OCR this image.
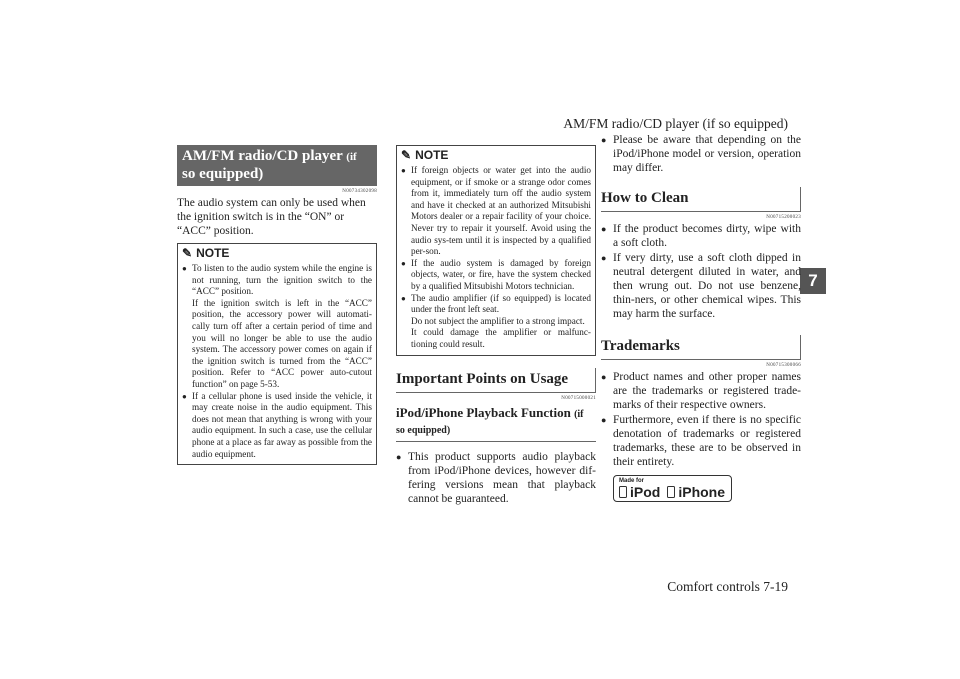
AM/FM radio/CD player (if so equipped)
7
AM/FM radio/CD player (if
so equipped)
N00734302098
The audio system can only be used when the ignition switch is in the “ON” or “ACC” position.
✎ NOTE
● To listen to the audio system while the engine is not running, turn the ignition switch to the “ACC” position.
If the ignition switch is left in the “ACC” position, the accessory power will automati-cally turn off after a certain period of time and you will no longer be able to use the audio system. The accessory power comes on again if the ignition switch is turned from the “ACC” position. Refer to “ACC power auto-cutout function” on page 5-53.
● If a cellular phone is used inside the vehicle, it may create noise in the audio equipment. This does not mean that anything is wrong with your audio equipment. In such a case, use the cellular phone at a place as far away as possible from the audio equipment.
✎ NOTE
● If foreign objects or water get into the audio equipment, or if smoke or a strange odor comes from it, immediately turn off the audio system and have it checked at an authorized Mitsubishi Motors dealer or a repair facility of your choice. Never try to repair it yourself. Avoid using the audio sys-tem until it is inspected by a qualified per-son.
● If the audio system is damaged by foreign objects, water, or fire, have the system checked by a qualified Mitsubishi Motors technician.
● The audio amplifier (if so equipped) is located under the front left seat.
Do not subject the amplifier to a strong impact.
It could damage the amplifier or malfunc-tioning could result.
Important Points on Usage
N00715000021
iPod/iPhone Playback Function (if
so equipped)
● This product supports audio playback from iPod/iPhone devices, however dif-fering versions mean that playback cannot be guaranteed.
● Please be aware that depending on the iPod/iPhone model or version, operation may differ.
How to Clean
N00715200023
● If the product becomes dirty, wipe with a soft cloth.
● If very dirty, use a soft cloth dipped in neutral detergent diluted in water, and then wrung out. Do not use benzene, thin-ners, or other chemical wipes. This may harm the surface.
Trademarks
N00715300066
● Product names and other proper names are the trademarks or registered trade-marks of their respective owners.
● Furthermore, even if there is no specific denotation of trademarks or registered trademarks, these are to be observed in their entirety.
Made for
iPod iPhone
Comfort controls 7-19
